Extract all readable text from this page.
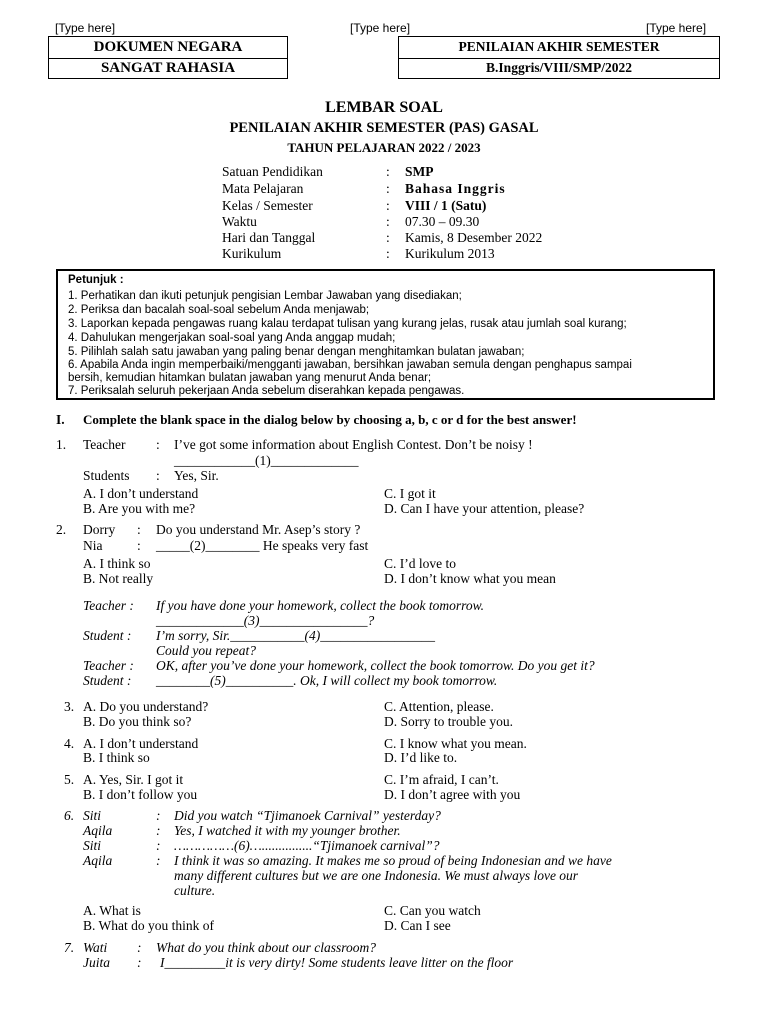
[Type here]	[Type here]	[Type here]
DOKUMEN NEGARA
SANGAT RAHASIA
PENILAIAN AKHIR SEMESTER
B.Inggris/VIII/SMP/2022
LEMBAR SOAL
PENILAIAN AKHIR SEMESTER (PAS) GASAL
TAHUN PELAJARAN 2022 / 2023
Satuan Pendidikan	: SMP
Mata Pelajaran	: Bahasa Inggris
Kelas / Semester	: VIII / 1 (Satu)
Waktu	: 07.30 – 09.30
Hari dan Tanggal	: Kamis, 8 Desember 2022
Kurikulum	: Kurikulum 2013
Petunjuk :
1. Perhatikan dan ikuti petunjuk pengisian Lembar Jawaban yang disediakan;
2. Periksa dan bacalah soal-soal sebelum Anda menjawab;
3. Laporkan kepada pengawas ruang kalau terdapat tulisan yang kurang jelas, rusak atau jumlah soal kurang;
4. Dahulukan mengerjakan soal-soal yang Anda anggap mudah;
5. Pilihlah salah satu jawaban yang paling benar dengan menghitamkan bulatan jawaban;
6. Apabila Anda ingin memperbaiki/mengganti jawaban, bersihkan jawaban semula dengan penghapus sampai
bersih, kemudian hitamkan bulatan jawaban yang menurut Anda benar;
7. Periksalah seluruh pekerjaan Anda sebelum diserahkan kepada pengawas.
I. Complete the blank space in the dialog below by choosing a, b, c or d for the best answer!
1. Teacher : I’ve got some information about English Contest. Don’t be noisy !
____________(1)_____________
Students : Yes, Sir.
A. I don’t understand
B. Are you with me?
C. I got it
D. Can I have your attention, please?
2. Dorry : Do you understand Mr. Asep’s story ?
Nia	: _____(2)________ He speaks very fast
A. I think so
B. Not really
C. I’d love to
D. I don’t know what you mean
Teacher : If you have done your homework, collect the book tomorrow.
_____________(3)________________?
Student : I’m sorry, Sir.___________(4)_________________
Could you repeat?
Teacher : OK, after you’ve done your homework, collect the book tomorrow. Do you get it?
Student : ________(5)__________. Ok, I will collect my book tomorrow.
3. A. Do you understand?
B. Do you think so?
C. Attention, please.
D. Sorry to trouble you.
4. A. I don’t understand
B. I think so
C. I know what you mean.
D. I’d like to.
5. A. Yes, Sir. I got it
B. I don’t follow you
C. I’m afraid, I can’t.
D. I don’t agree with you
6. Siti	: Did you watch “Tjimanoek Carnival” yesterday?
Aqila	: Yes, I watched it with my younger brother.
Siti	: ……………(6)…...............“Tjimanoek carnival”?
Aqila	: I think it was so amazing. It makes me so proud of being Indonesian and we have
many different cultures but we are one Indonesia. We must always love our
culture.
A. What is
B. What do you think of
C. Can you watch
D. Can I see
7. Wati : What do you think about our classroom?
Juita : I_________it is very dirty! Some students leave litter on the floor
